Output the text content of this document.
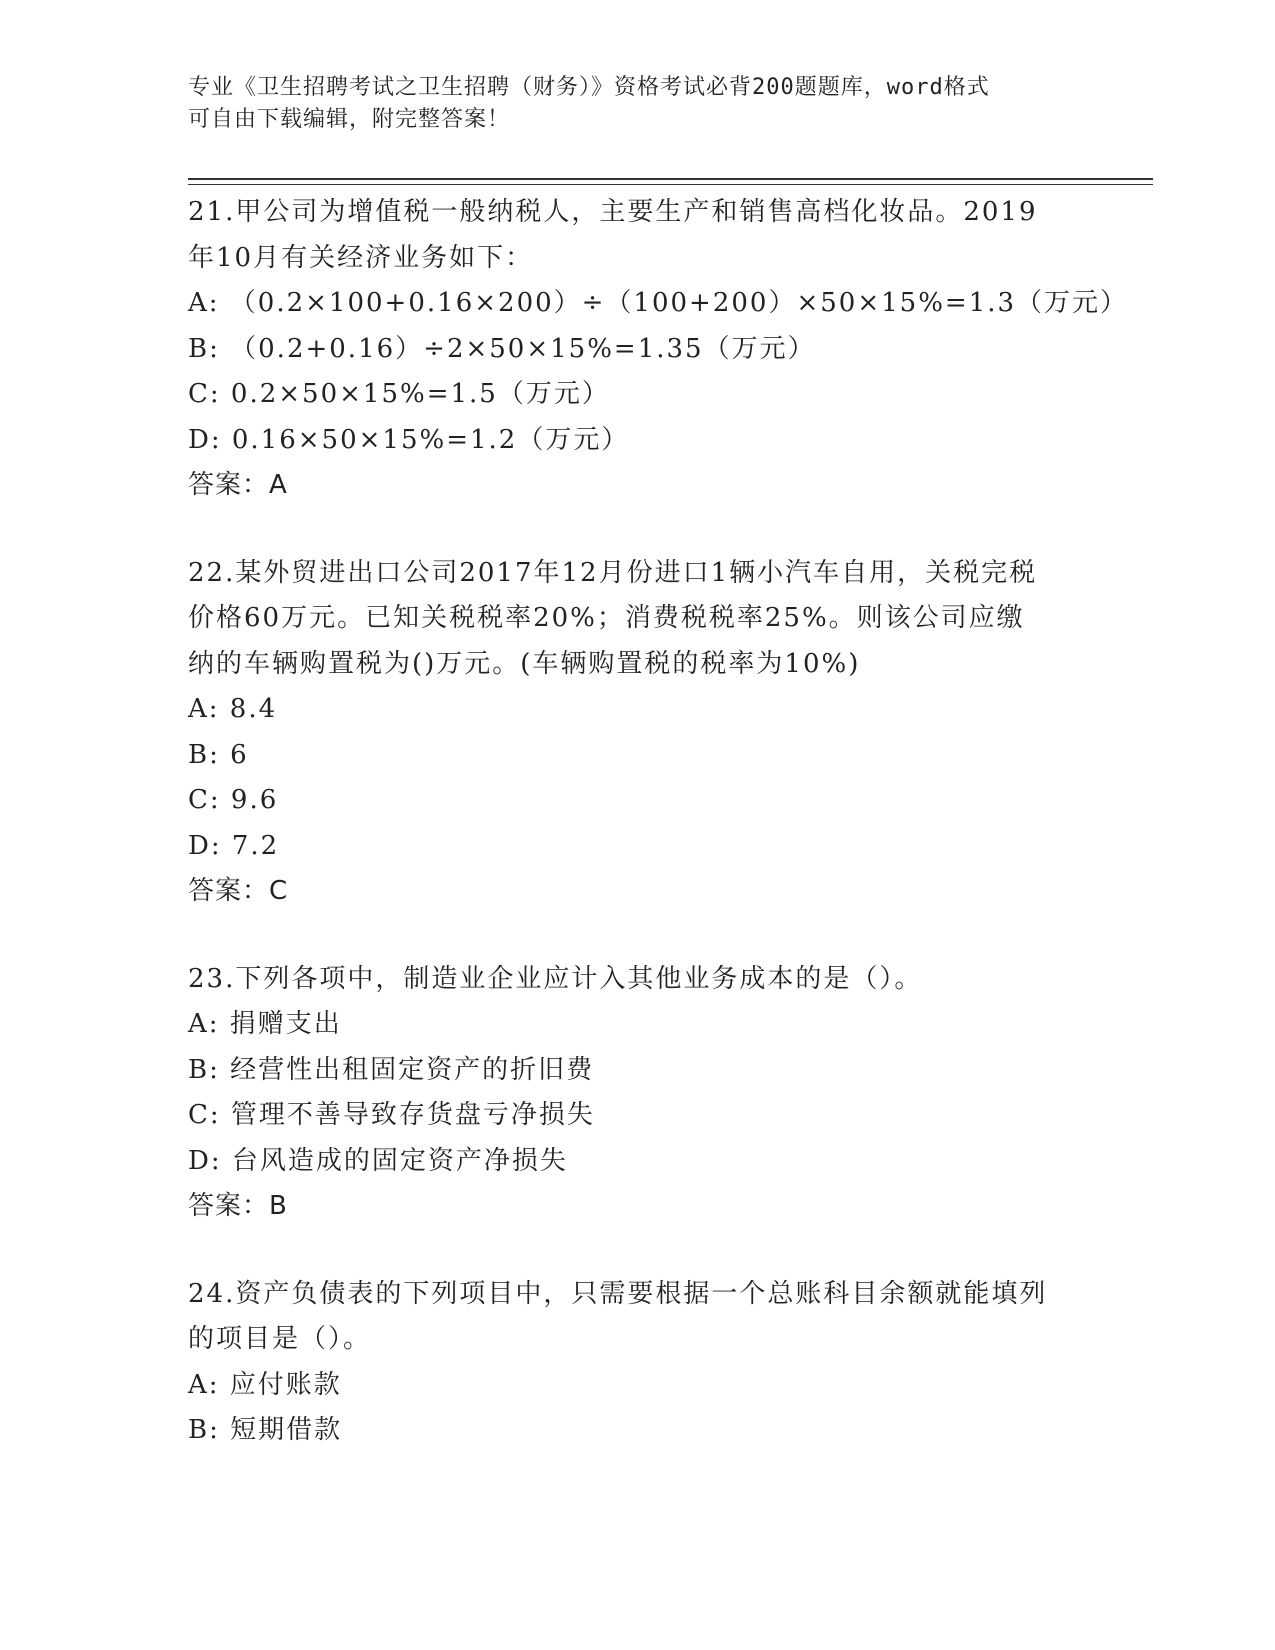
专业《卫生招聘考试之卫生招聘（财务）》资格考试必背200题题库，word格式
可自由下载编辑，附完整答案！
21.甲公司为增值税一般纳税人，主要生产和销售高档化妆品。2019
年10月有关经济业务如下：
A: （0.2×100+0.16×200）÷（100+200）×50×15%=1.3（万元）
B: （0.2+0.16）÷2×50×15%=1.35（万元）
C: 0.2×50×15%=1.5（万元）
D: 0.16×50×15%=1.2（万元）
答案：A
22.某外贸进出口公司2017年12月份进口1辆小汽车自用，关税完税
价格60万元。已知关税税率20%；消费税税率25%。则该公司应缴
纳的车辆购置税为()万元。(车辆购置税的税率为10%)
A: 8.4
B: 6
C: 9.6
D: 7.2
答案：C
23.下列各项中，制造业企业应计入其他业务成本的是（）。
A: 捐赠支出
B: 经营性出租固定资产的折旧费
C: 管理不善导致存货盘亏净损失
D: 台风造成的固定资产净损失
答案：B
24.资产负债表的下列项目中，只需要根据一个总账科目余额就能填列
的项目是（）。
A: 应付账款
B: 短期借款
